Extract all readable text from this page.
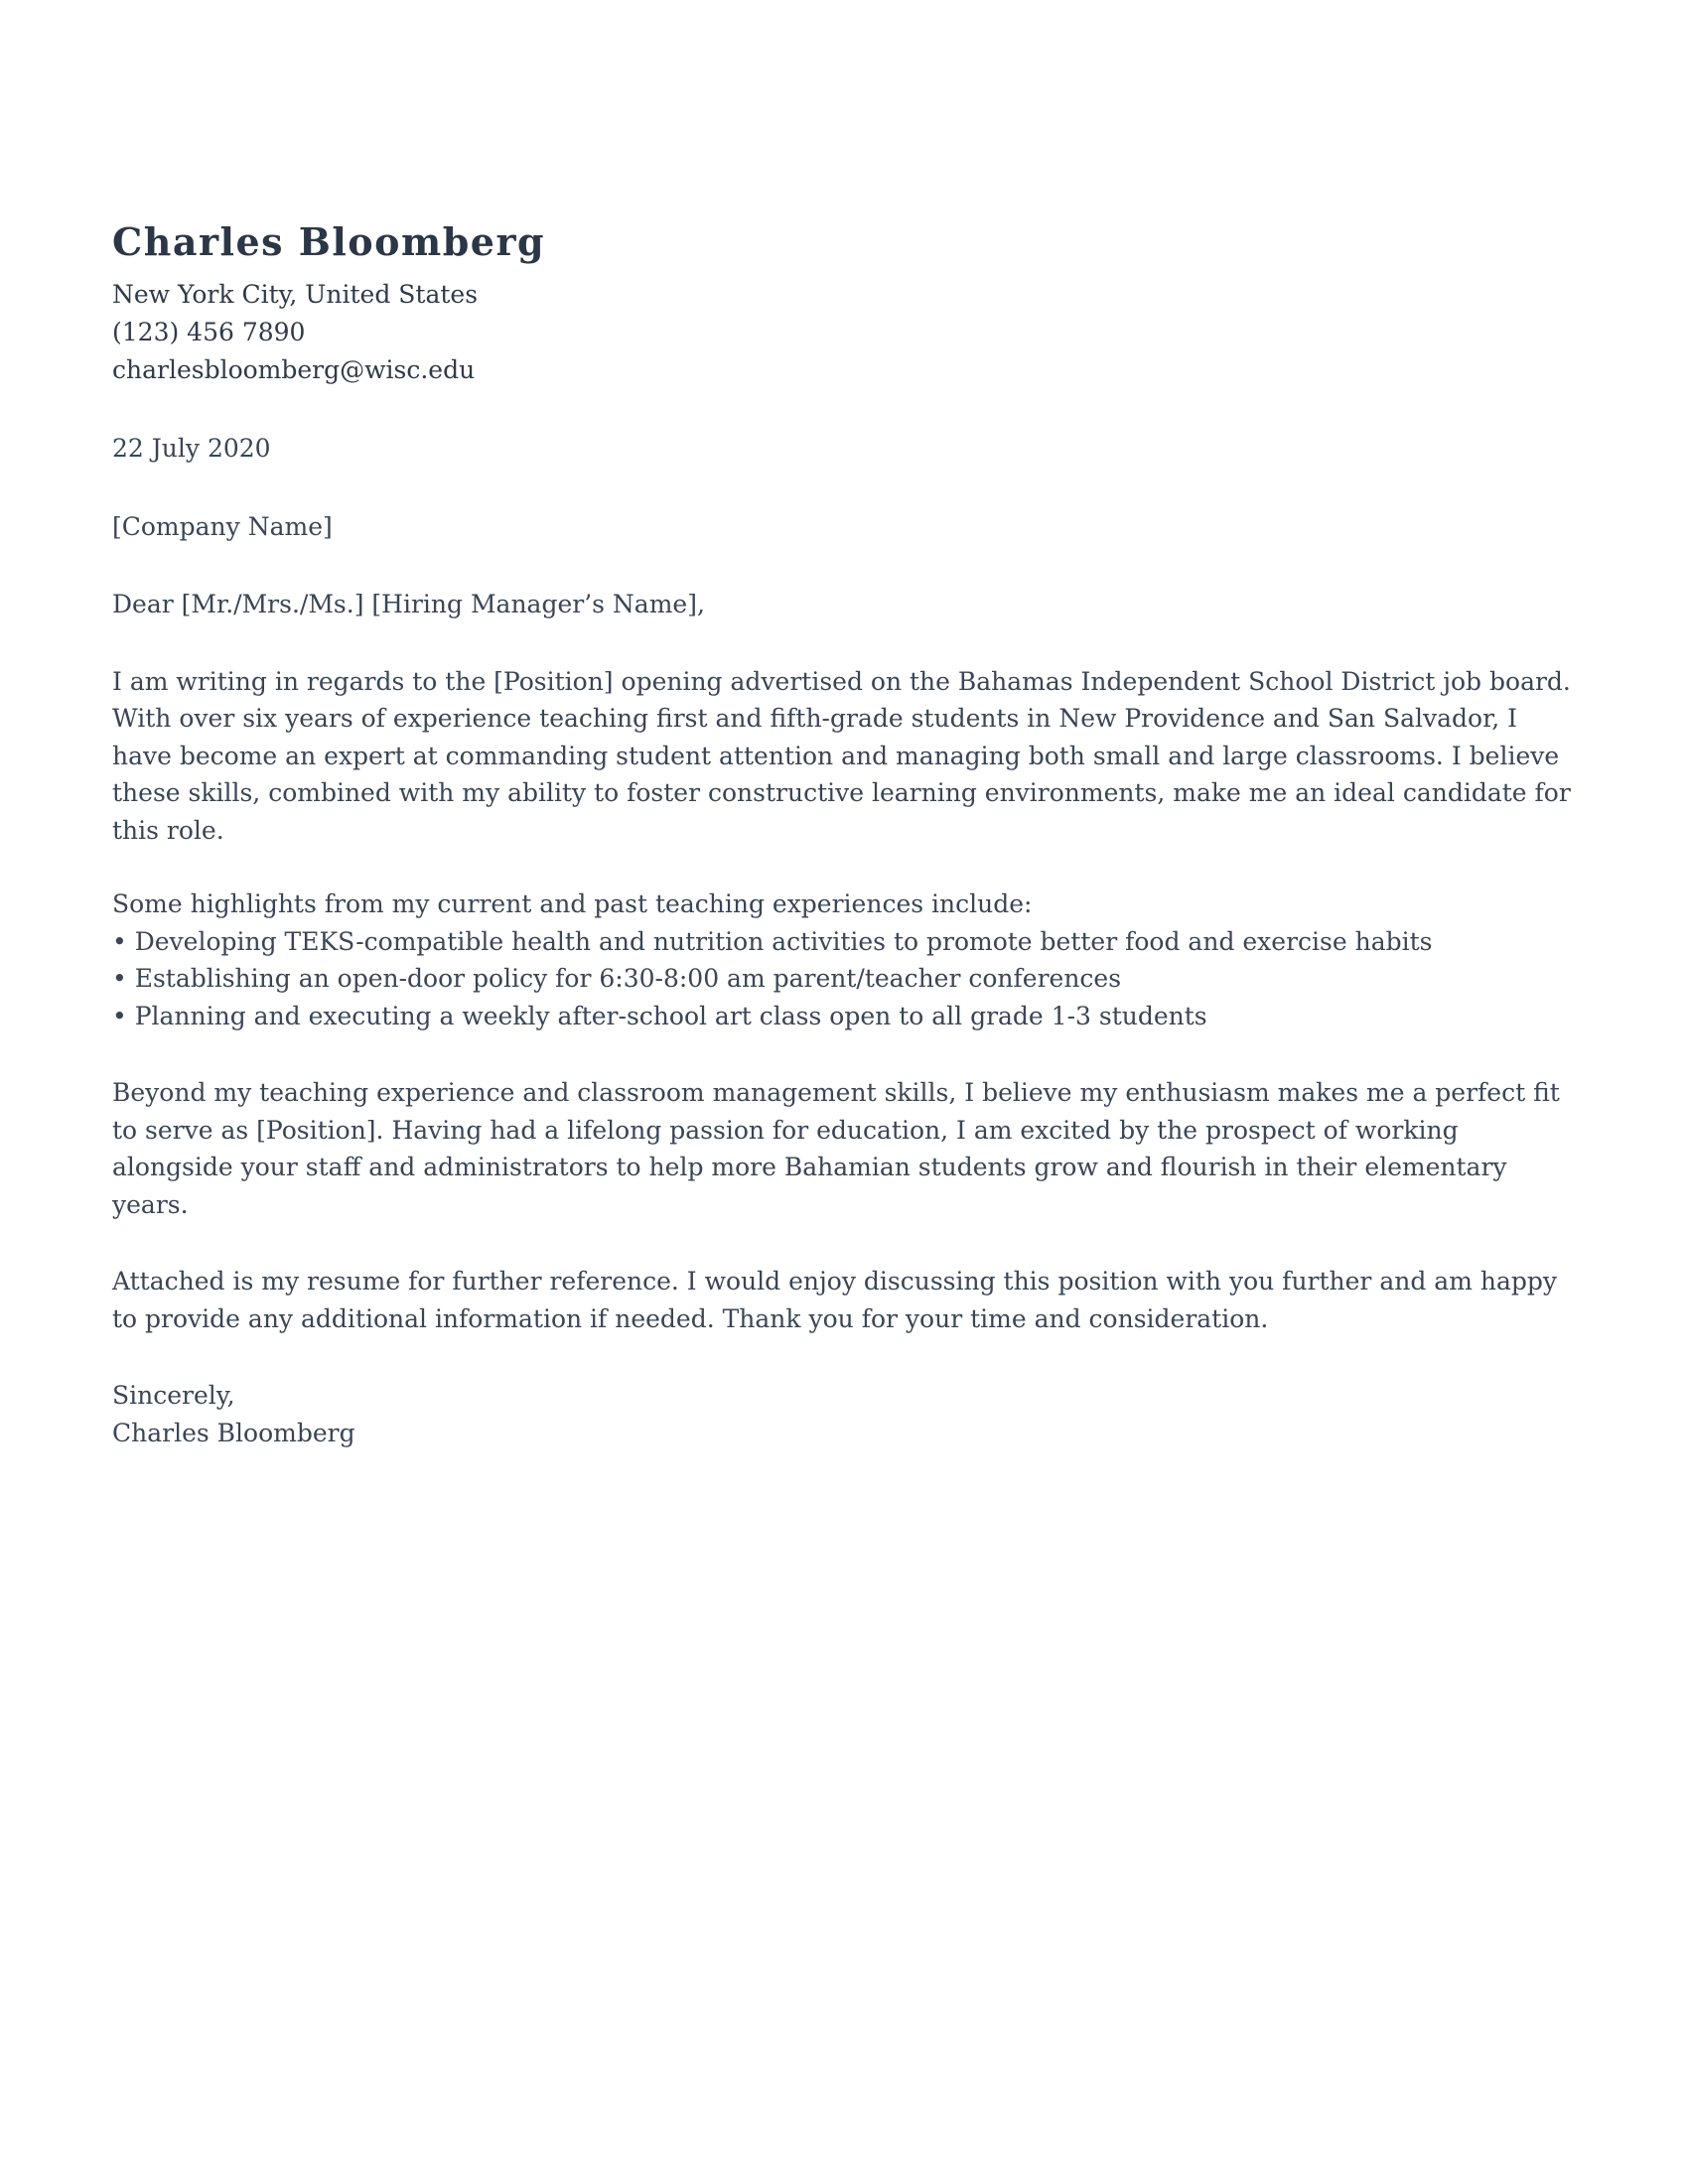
Charles Bloomberg
New York City, United States
(123) 456 7890
charlesbloomberg@wisc.edu

22 July 2020

[Company Name]

Dear [Mr./Mrs./Ms.] [Hiring Manager’s Name],

I am writing in regards to the [Position] opening advertised on the Bahamas Independent School District job board. With over six years of experience teaching first and fifth-grade students in New Providence and San Salvador, I have become an expert at commanding student attention and managing both small and large classrooms. I believe these skills, combined with my ability to foster constructive learning environments, make me an ideal candidate for this role.

Some highlights from my current and past teaching experiences include:
• Developing TEKS-compatible health and nutrition activities to promote better food and exercise habits
• Establishing an open-door policy for 6:30-8:00 am parent/teacher conferences
• Planning and executing a weekly after-school art class open to all grade 1-3 students

Beyond my teaching experience and classroom management skills, I believe my enthusiasm makes me a perfect fit to serve as [Position]. Having had a lifelong passion for education, I am excited by the prospect of working alongside your staff and administrators to help more Bahamian students grow and flourish in their elementary years.

Attached is my resume for further reference. I would enjoy discussing this position with you further and am happy to provide any additional information if needed. Thank you for your time and consideration.

Sincerely,
Charles Bloomberg
